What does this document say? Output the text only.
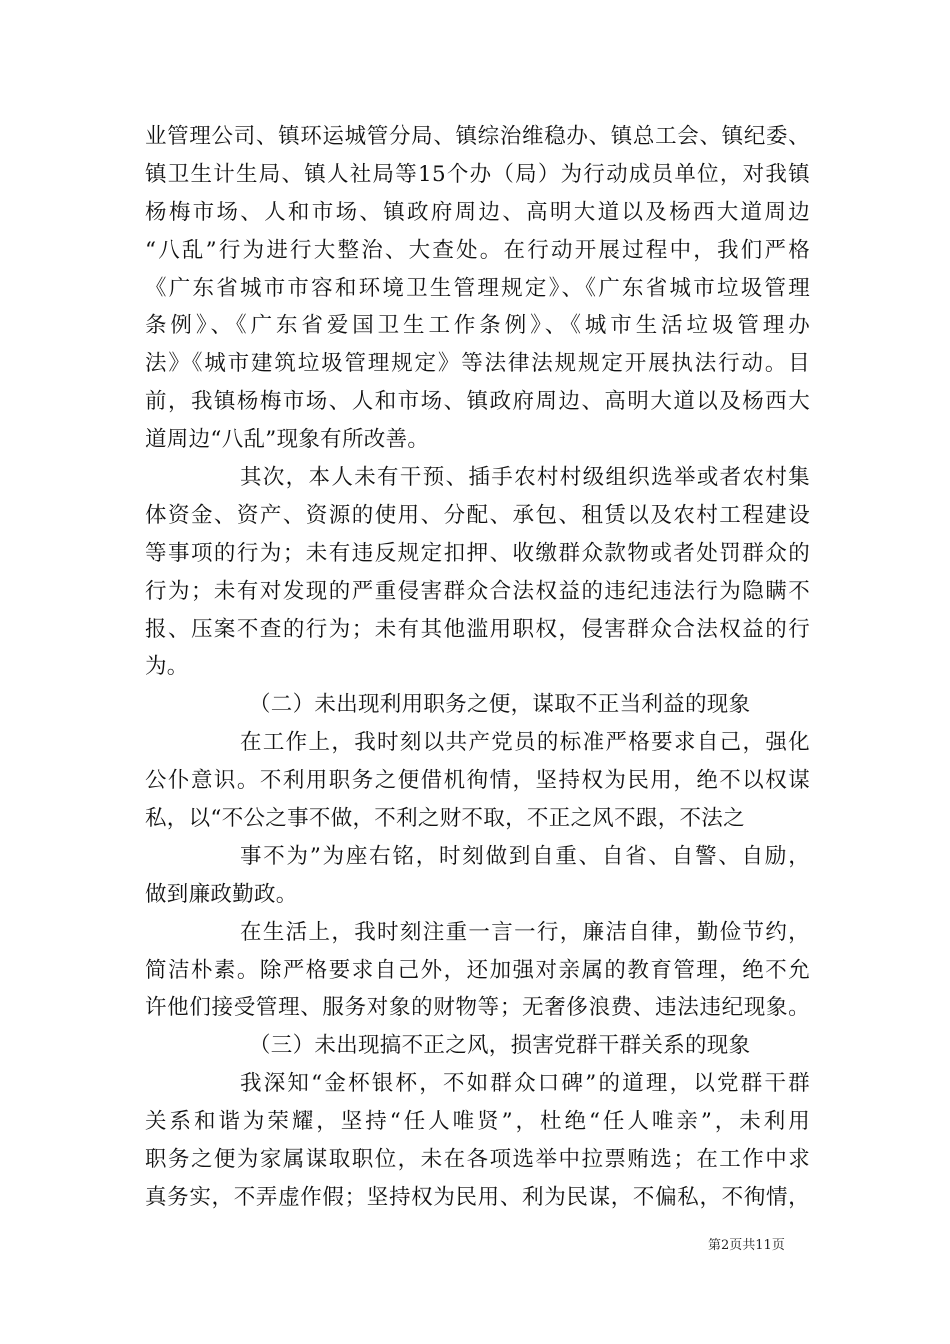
业管理公司、镇环运城管分局、镇综治维稳办、镇总工会、镇纪委、
镇卫生计生局、镇人社局等15个办（局）为行动成员单位，对我镇
杨梅市场、人和市场、镇政府周边、高明大道以及杨西大道周边
“八乱”行为进行大整治、大查处。在行动开展过程中，我们严格
《广东省城市市容和环境卫生管理规定》、《广东省城市垃圾管理
条例》、《广东省爱国卫生工作条例》、《城市生活垃圾管理办
法》《城市建筑垃圾管理规定》等法律法规规定开展执法行动。目
前，我镇杨梅市场、人和市场、镇政府周边、高明大道以及杨西大
道周边“八乱”现象有所改善。
其次，本人未有干预、插手农村村级组织选举或者农村集
体资金、资产、资源的使用、分配、承包、租赁以及农村工程建设
等事项的行为；未有违反规定扣押、收缴群众款物或者处罚群众的
行为；未有对发现的严重侵害群众合法权益的违纪违法行为隐瞒不
报、压案不查的行为；未有其他滥用职权，侵害群众合法权益的行
为。
（二）未出现利用职务之便，谋取不正当利益的现象
在工作上，我时刻以共产党员的标准严格要求自己，强化
公仆意识。不利用职务之便借机徇情，坚持权为民用，绝不以权谋
私，以“不公之事不做，不利之财不取，不正之风不跟，不法之
事不为”为座右铭，时刻做到自重、自省、自警、自励，
做到廉政勤政。
在生活上，我时刻注重一言一行，廉洁自律，勤俭节约，
简洁朴素。除严格要求自己外，还加强对亲属的教育管理，绝不允
许他们接受管理、服务对象的财物等；无奢侈浪费、违法违纪现象。
（三）未出现搞不正之风，损害党群干群关系的现象
我深知“金杯银杯，不如群众口碑”的道理，以党群干群
关系和谐为荣耀，坚持“任人唯贤”，杜绝“任人唯亲”，未利用
职务之便为家属谋取职位，未在各项选举中拉票贿选；在工作中求
真务实，不弄虚作假；坚持权为民用、利为民谋，不偏私，不徇情，
第2页共11页
